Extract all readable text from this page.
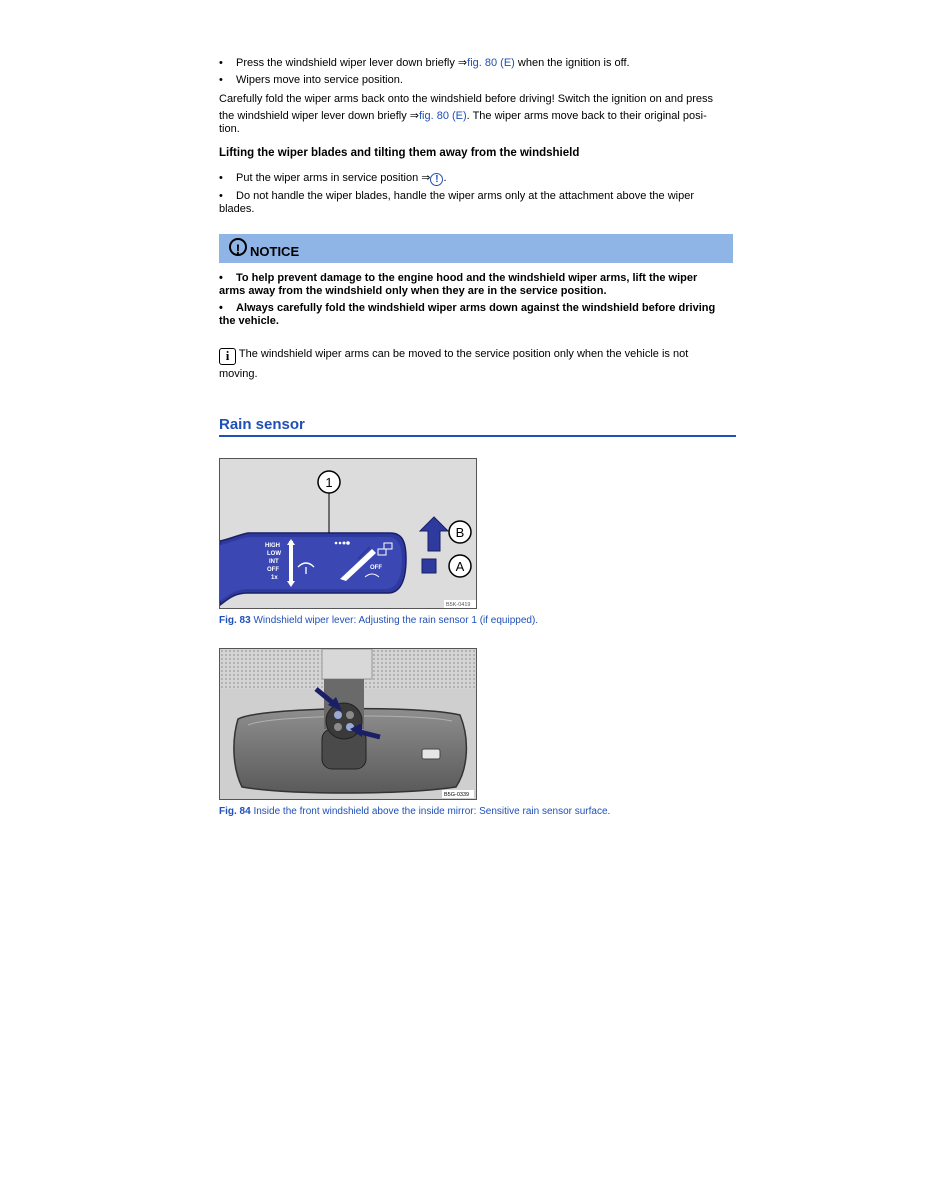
• Press the windshield wiper lever down briefly ⇒fig. 80 (E) when the ignition is off.
• Wipers move into service position.
Carefully fold the wiper arms back onto the windshield before driving! Switch the ignition on and press
the windshield wiper lever down briefly ⇒fig. 80 (E). The wiper arms move back to their original posi-
tion.
Lifting the wiper blades and tilting them away from the windshield
• Put the wiper arms in service position ⇒ ! .
• Do not handle the wiper blades, handle the wiper arms only at the attachment above the wiper
blades.
! NOTICE
• To help prevent damage to the engine hood and the windshield wiper arms, lift the wiper
arms away from the windshield only when they are in the service position.
• Always carefully fold the windshield wiper arms down against the windshield before driving
the vehicle.
i The windshield wiper arms can be moved to the service position only when the vehicle is not
moving.
Rain sensor
1
HIGH
LOW
INT
OFF
1x
OFF
B
A
B5K-0419
Fig. 83 Windshield wiper lever: Adjusting the rain sensor 1 (if equipped).
B5G-0339
Fig. 84 Inside the front windshield above the inside mirror: Sensitive rain sensor surface.
